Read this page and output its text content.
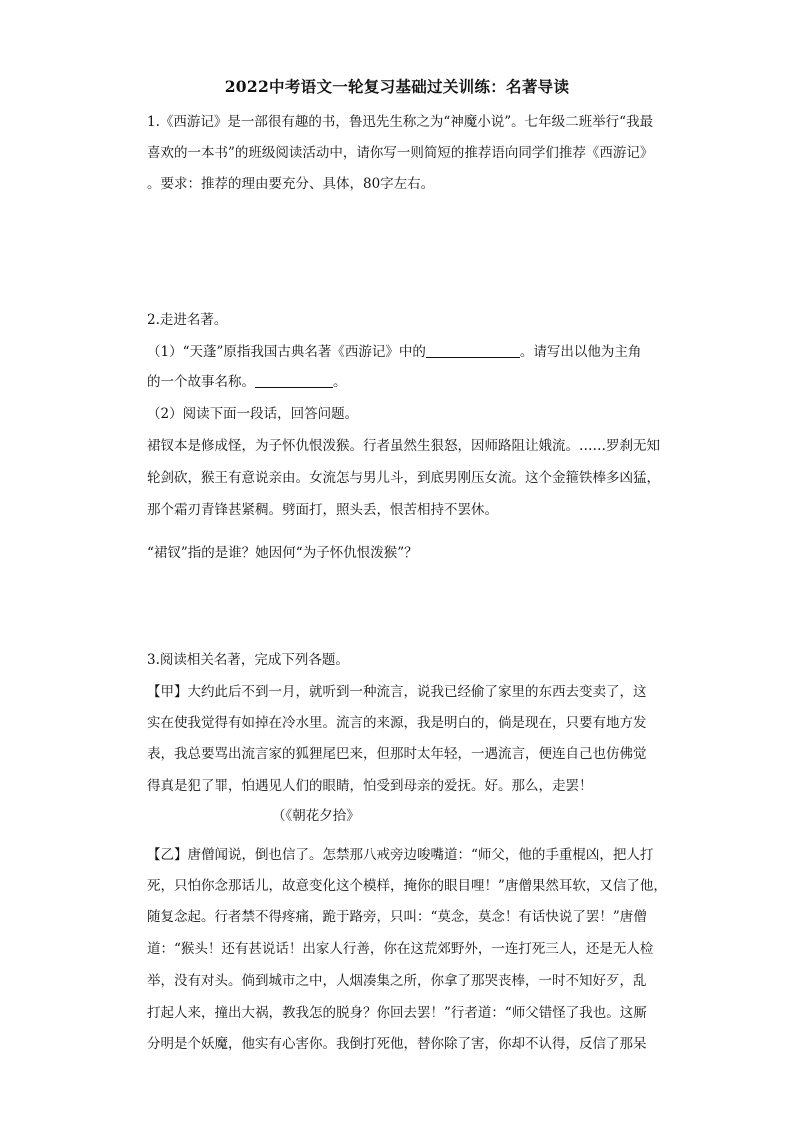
2022中考语文一轮复习基础过关训练：名著导读
1.《西游记》是一部很有趣的书，鲁迅先生称之为“神魔小说”。七年级二班举行“我最
喜欢的一本书”的班级阅读活动中，请你写一则简短的推荐语向同学们推荐《西游记》
。要求：推荐的理由要充分、具体，80字左右。
2.走进名著。
（1）“天蓬”原指我国古典名著《西游记》中的	。请写出以他为主角
的一个故事名称。	。
（2）阅读下面一段话，回答问题。
裙钗本是修成怪，为子怀仇恨泼猴。行者虽然生狠怒，因师路阻让娥流。……罗刹无知
轮剑砍，猴王有意说亲由。女流怎与男儿斗，到底男刚压女流。这个金箍铁棒多凶猛，
那个霜刃青锋甚紧稠。劈面打，照头丢，恨苦相持不罢休。
“裙钗”指的是谁？她因何“为子怀仇恨泼猴”？
3.阅读相关名著，完成下列各题。
【甲】大约此后不到一月，就听到一种流言，说我已经偷了家里的东西去变卖了，这
实在使我觉得有如掉在冷水里。流言的来源，我是明白的，倘是现在，只要有地方发
表，我总要骂出流言家的狐狸尾巴来，但那时太年轻，一遇流言，便连自己也仿佛觉
得真是犯了罪，怕遇见人们的眼睛，怕受到母亲的爱抚。好。那么，走罢！
（《朝花夕拾》
【乙】唐僧闻说，倒也信了。怎禁那八戒旁边唆嘴道：“师父，他的手重棍凶，把人打
死，只怕你念那话儿，故意变化这个模样，掩你的眼目哩！”唐僧果然耳软，又信了他，
随复念起。行者禁不得疼痛，跪于路旁，只叫：“莫念，莫念！有话快说了罢！”唐僧
道：“猴头！还有甚说话！出家人行善，你在这荒郊野外，一连打死三人，还是无人检
举，没有对头。倘到城市之中，人烟凑集之所，你拿了那哭丧棒，一时不知好歹，乱
打起人来，撞出大祸，教我怎的脱身？你回去罢！”行者道：“师父错怪了我也。这厮
分明是个妖魔，他实有心害你。我倒打死他，替你除了害，你却不认得，反信了那呆
